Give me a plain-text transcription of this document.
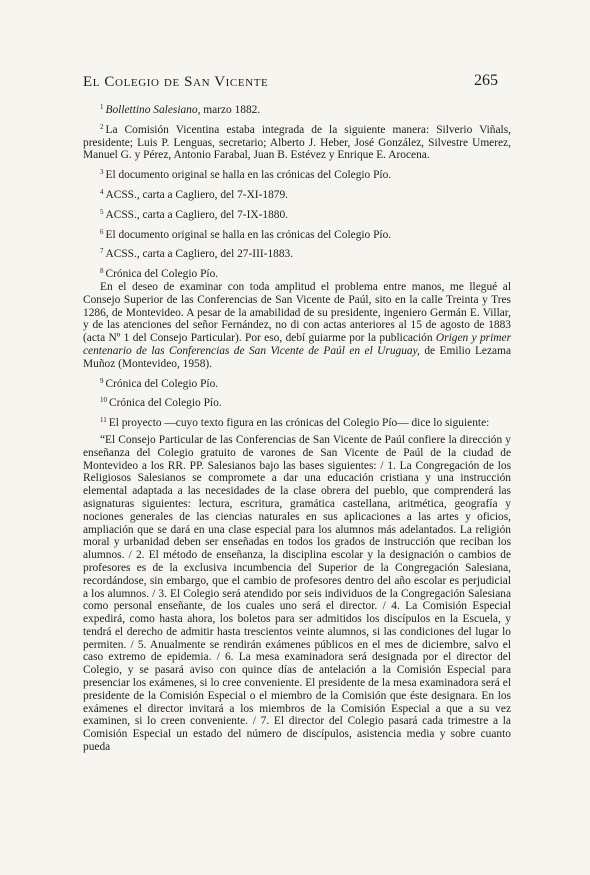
El Colegio de San Vicente	265

$^1$ Bollettino Salesiano, marzo 1882.

$^2$ La Comisión Vicentina estaba integrada de la siguiente manera: Silverio Viñals, presidente; Luis P. Lenguas, secretario; Alberto J. Heber, José González, Silvestre Umerez, Manuel G. y Pérez, Antonio Farabal, Juan B. Estévez y Enrique E. Arocena.

$^3$ El documento original se halla en las crónicas del Colegio Pío.

$^4$ ACSS., carta a Cagliero, del 7-XI-1879.

$^5$ ACSS., carta a Cagliero, del 7-IX-1880.

$^6$ El documento original se halla en las crónicas del Colegio Pío.

$^7$ ACSS., carta a Cagliero, del 27-III-1883.

$^8$ Crónica del Colegio Pío.

En el deseo de examinar con toda amplitud el problema entre manos, me llegué al Consejo Superior de las Conferencias de San Vicente de Paúl, sito en la calle Treinta y Tres 1286, de Montevideo. A pesar de la amabilidad de su presidente, ingeniero Germán E. Villar, y de las atenciones del señor Fernández, no di con actas anteriores al 15 de agosto de 1883 (acta Nº 1 del Consejo Particular). Por eso, debí guiarme por la publicación Origen y primer centenario de las Conferencias de San Vicente de Paúl en el Uruguay, de Emilio Lezama Muñoz (Montevideo, 1958).

$^9$ Crónica del Colegio Pío.

$^{10}$ Crónica del Colegio Pío.

$^{11}$ El proyecto —cuyo texto figura en las crónicas del Colegio Pío— dice lo siguiente:

“El Consejo Particular de las Conferencias de San Vicente de Paúl confiere la dirección y enseñanza del Colegio gratuito de varones de San Vicente de Paúl de la ciudad de Montevideo a los RR. PP. Salesianos bajo las bases siguientes: / 1. La Congregación de los Religiosos Salesianos se compromete a dar una educación cristiana y una instrucción elemental adaptada a las necesidades de la clase obrera del pueblo, que comprenderá las asignaturas siguientes: lectura, escritura, gramática castellana, aritmética, geografía y nociones generales de las ciencias naturales en sus aplicaciones a las artes y oficios, ampliación que se dará en una clase especial para los alumnos más adelantados. La religión moral y urbanidad deben ser enseñadas en todos los grados de instrucción que reciban los alumnos. / 2. El método de enseñanza, la disciplina escolar y la designación o cambios de profesores es de la exclusiva incumbencia del Superior de la Congregación Salesiana, recordándose, sin embargo, que el cambio de profesores dentro del año escolar es perjudicial a los alumnos. / 3. El Colegio será atendido por seis individuos de la Congregación Salesiana como personal enseñante, de los cuales uno será el director. / 4. La Comisión Especial expedirá, como hasta ahora, los boletos para ser admitidos los discípulos en la Escuela, y tendrá el derecho de admitir hasta trescientos veinte alumnos, si las condiciones del lugar lo permiten. / 5. Anualmente se rendirán exámenes públicos en el mes de diciembre, salvo el caso extremo de epidemia. / 6. La mesa examinadora será designada por el director del Colegio, y se pasará aviso con quince días de antelación a la Comisión Especial para presenciar los exámenes, si lo cree conveniente. El presidente de la mesa examinadora será el presidente de la Comisión Especial o el miembro de la Comisión que éste designara. En los exámenes el director invitará a los miembros de la Comisión Especial a que a su vez examinen, si lo creen conveniente. / 7. El director del Colegio pasará cada trimestre a la Comisión Especial un estado del número de discípulos, asistencia media y sobre cuanto pueda
